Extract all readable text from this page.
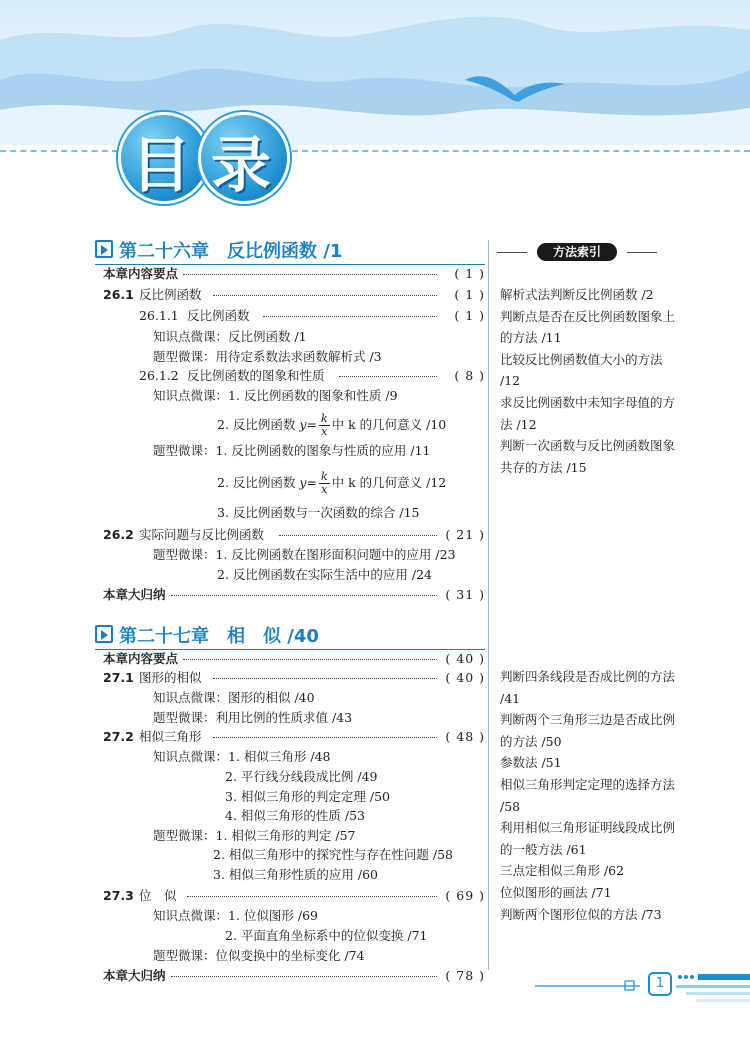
目 录
第二十六章　反比例函数 /1
本章内容要点	( 1 )
26.1 反比例函数	( 1 )
26.1.1 反比例函数	( 1 )
知识点微课：反比例函数 /1
题型微课：用待定系数法求函数解析式 /3
26.1.2 反比例函数的图象和性质	( 8 )
知识点微课：1. 反比例函数的图象和性质 /9
2. 反比例函数 $y= \frac{k}{x}$ 中 k 的几何意义 /10
题型微课：1. 反比例函数的图象与性质的应用 /11
2. 反比例函数 $y= \frac{k}{x}$ 中 k 的几何意义 /12
3. 反比例函数与一次函数的综合 /15
26.2 实际问题与反比例函数	( 21 )
题型微课：1. 反比例函数在图形面积问题中的应用 /23
2. 反比例函数在实际生活中的应用 /24
本章大归纳	( 31 )
第二十七章　相　似 /40
本章内容要点	( 40 )
27.1 图形的相似	( 40 )
知识点微课：图形的相似 /40
题型微课：利用比例的性质求值 /43
27.2 相似三角形	( 48 )
知识点微课：1. 相似三角形 /48
2. 平行线分线段成比例 /49
3. 相似三角形的判定定理 /50
4. 相似三角形的性质 /53
题型微课：1. 相似三角形的判定 /57
2. 相似三角形中的探究性与存在性问题 /58
3. 相似三角形性质的应用 /60
27.3 位　似	( 69 )
知识点微课：1. 位似图形 /69
2. 平面直角坐标系中的位似变换 /71
题型微课：位似变换中的坐标变化 /74
本章大归纳	( 78 )
方法索引
解析式法判断反比例函数 /2
判断点是否在反比例函数图象上的方法 /11
比较反比例函数值大小的方法 /12
求反比例函数中未知字母值的方法 /12
判断一次函数与反比例函数图象共存的方法 /15
判断四条线段是否成比例的方法 /41
判断两个三角形三边是否成比例的方法 /50
参数法 /51
相似三角形判定定理的选择方法 /58
利用相似三角形证明线段成比例的一般方法 /61
三点定相似三角形 /62
位似图形的画法 /71
判断两个图形位似的方法 /73
1
